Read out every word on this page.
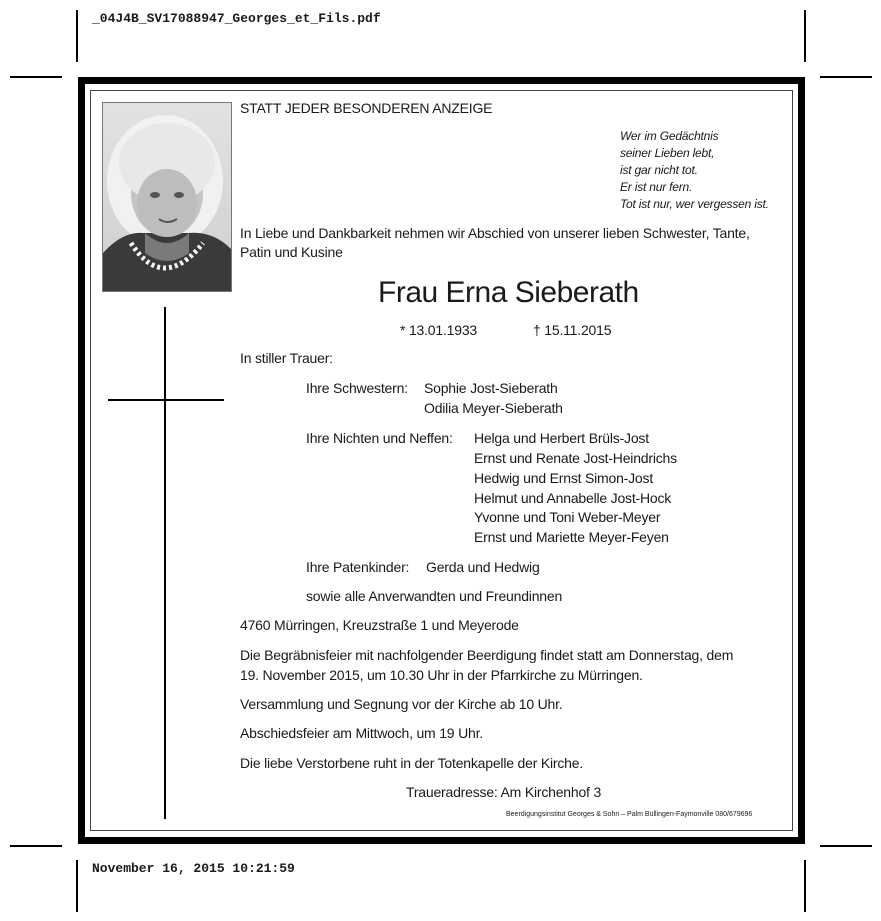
_04J4B_SV17088947_Georges_et_Fils.pdf
November 16, 2015 10:21:59
STATT JEDER BESONDEREN ANZEIGE
Wer im Gedächtnis
seiner Lieben lebt,
ist gar nicht tot.
Er ist nur fern.
Tot ist nur, wer vergessen ist.
In Liebe und Dankbarkeit nehmen wir Abschied von unserer lieben Schwester, Tante,
Patin und Kusine
Frau Erna Sieberath
* 13.01.1933	† 15.11.2015
In stiller Trauer:
Ihre Schwestern: Sophie Jost-Sieberath
Odilia Meyer-Sieberath
Ihre Nichten und Neffen: Helga und Herbert Brüls-Jost
Ernst und Renate Jost-Heindrichs
Hedwig und Ernst Simon-Jost
Helmut und Annabelle Jost-Hock
Yvonne und Toni Weber-Meyer
Ernst und Mariette Meyer-Feyen
Ihre Patenkinder: Gerda und Hedwig
sowie alle Anverwandten und Freundinnen
4760 Mürringen, Kreuzstraße 1 und Meyerode
Die Begräbnisfeier mit nachfolgender Beerdigung findet statt am Donnerstag, dem
19. November 2015, um 10.30 Uhr in der Pfarrkirche zu Mürringen.
Versammlung und Segnung vor der Kirche ab 10 Uhr.
Abschiedsfeier am Mittwoch, um 19 Uhr.
Die liebe Verstorbene ruht in der Totenkapelle der Kirche.
Traueradresse: Am Kirchenhof 3
Beerdigungsinstitut Georges & Sohn – Palm Büllingen-Faymonville 080/679696
